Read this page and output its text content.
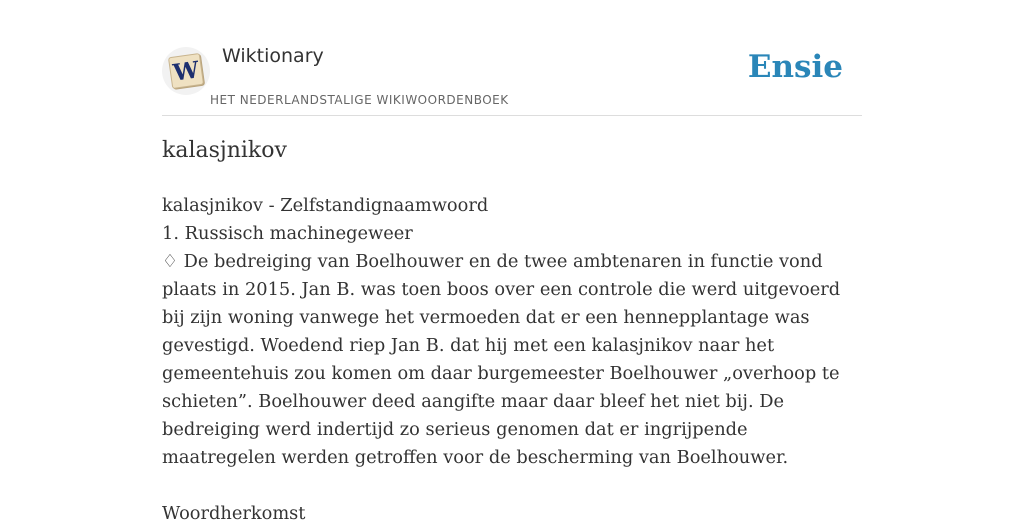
W Wiktionary
HET NEDERLANDSTALIGE WIKIWOORDENBOEK
Ensie
kalasjnikov

kalasjnikov - Zelfstandignaamwoord

1. Russisch machinegeweer

♢ De bedreiging van Boelhouwer en de twee ambtenaren in functie vond plaats in 2015. Jan B. was toen boos over een controle die werd uitgevoerd bij zijn woning vanwege het vermoeden dat er een hennepplantage was gevestigd. Woedend riep Jan B. dat hij met een kalasjnikov naar het gemeentehuis zou komen om daar burgemeester Boelhouwer „overhoop te schieten”. Boelhouwer deed aangifte maar daar bleef het niet bij. De bedreiging werd indertijd zo serieus genomen dat er ingrijpende maatregelen werden getroffen voor de bescherming van Boelhouwer.

Woordherkomst
